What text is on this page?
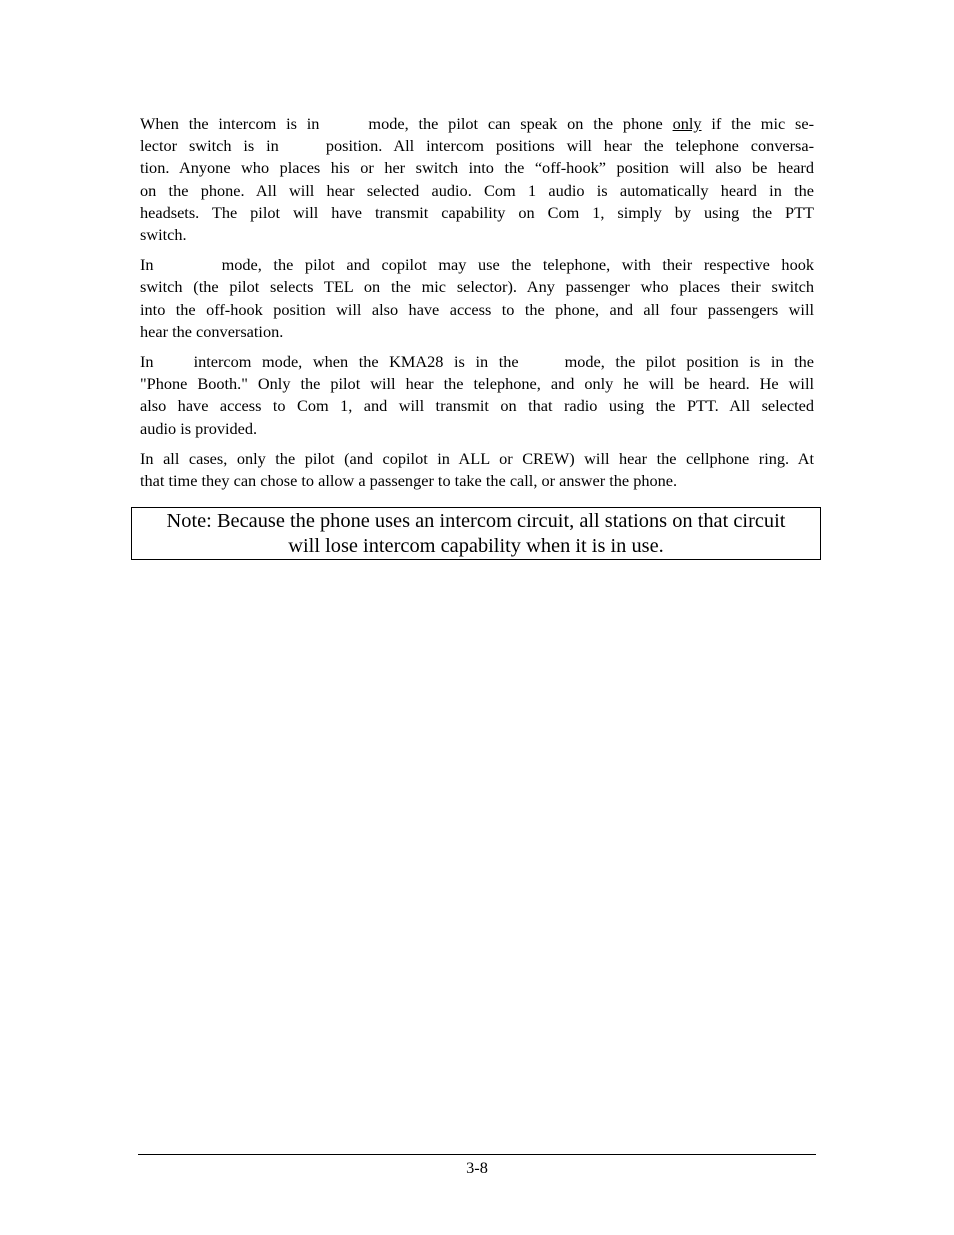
When the intercom is in	mode, the pilot can speak on the phone only if the mic se-
lector switch is in	position. All intercom positions will hear the telephone conversa-
tion. Anyone who places his or her switch into the “off-hook” position will also be heard
on the phone. All will hear selected audio. Com 1 audio is automatically heard in the
headsets. The pilot will have transmit capability on Com 1, simply by using the PTT
switch.

In	mode, the pilot and copilot may use the telephone, with their respective hook
switch (the pilot selects TEL on the mic selector). Any passenger who places their switch
into the off-hook position will also have access to the phone, and all four passengers will
hear the conversation.

In intercom mode, when the KMA28 is in the	mode, the pilot position is in the
"Phone Booth." Only the pilot will hear the telephone, and only he will be heard. He will
also have access to Com 1, and will transmit on that radio using the PTT. All selected
audio is provided.

In all cases, only the pilot (and copilot in ALL or CREW) will hear the cellphone ring. At
that time they can chose to allow a passenger to take the call, or answer the phone.

Note: Because the phone uses an intercom circuit, all stations on that circuit
will lose intercom capability when it is in use.
3-8
